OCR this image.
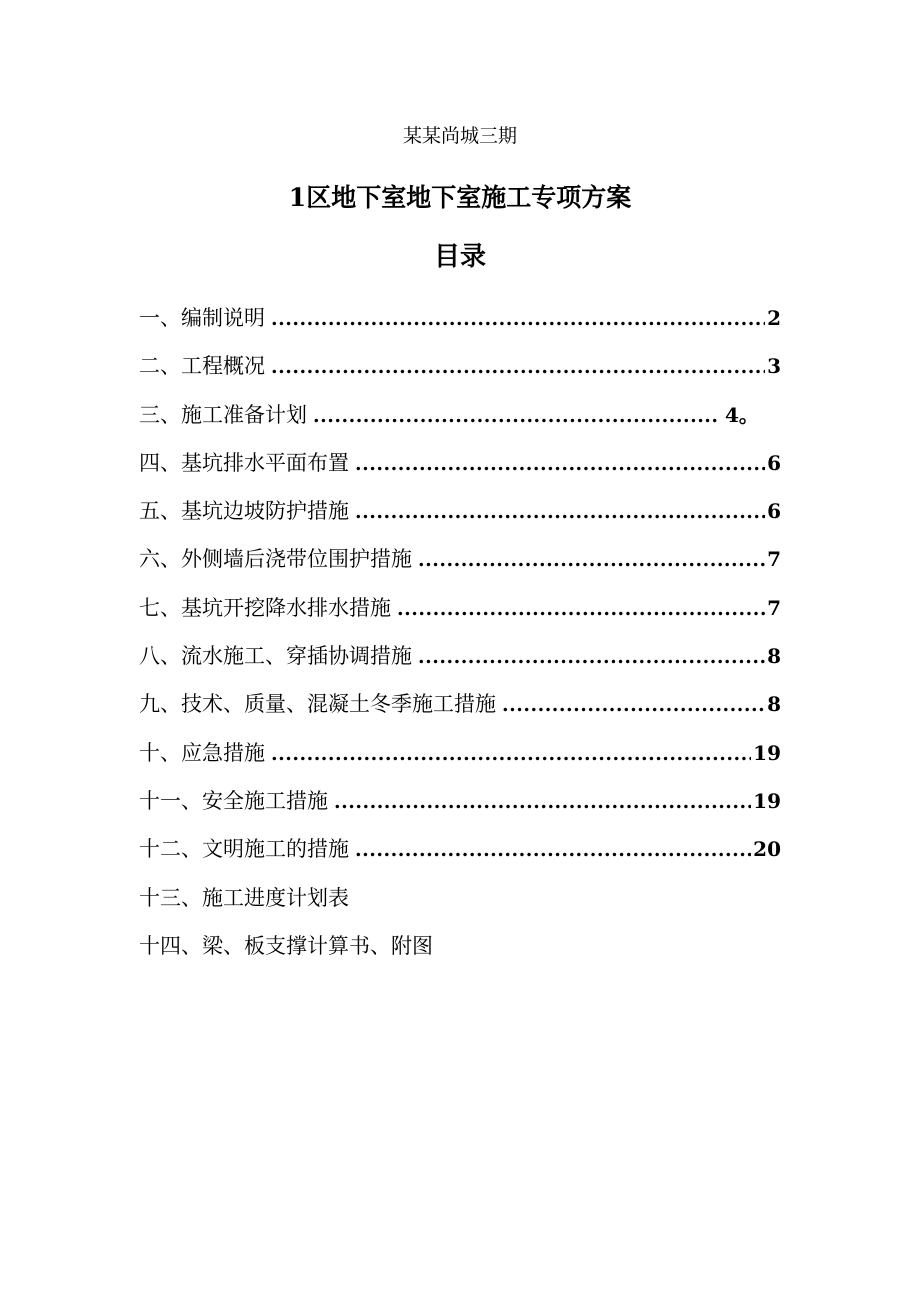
某某尚城三期
1区地下室地下室施工专项方案
目录
一、编制说明 .....	2
二、工程概况 .....	3
三、施工准备计划 .....	4。
四、基坑排水平面布置 .....	6
五、基坑边坡防护措施 .....	6
六、外侧墙后浇带位围护措施 .....	7
七、基坑开挖降水排水措施 .....	7
八、流水施工、穿插协调措施 .....	8
九、技术、质量、混凝土冬季施工措施 .....	8
十、应急措施 .....	19
十一、安全施工措施 .....	19
十二、文明施工的措施 .....	20
十三、施工进度计划表
十四、梁、板支撑计算书、附图
